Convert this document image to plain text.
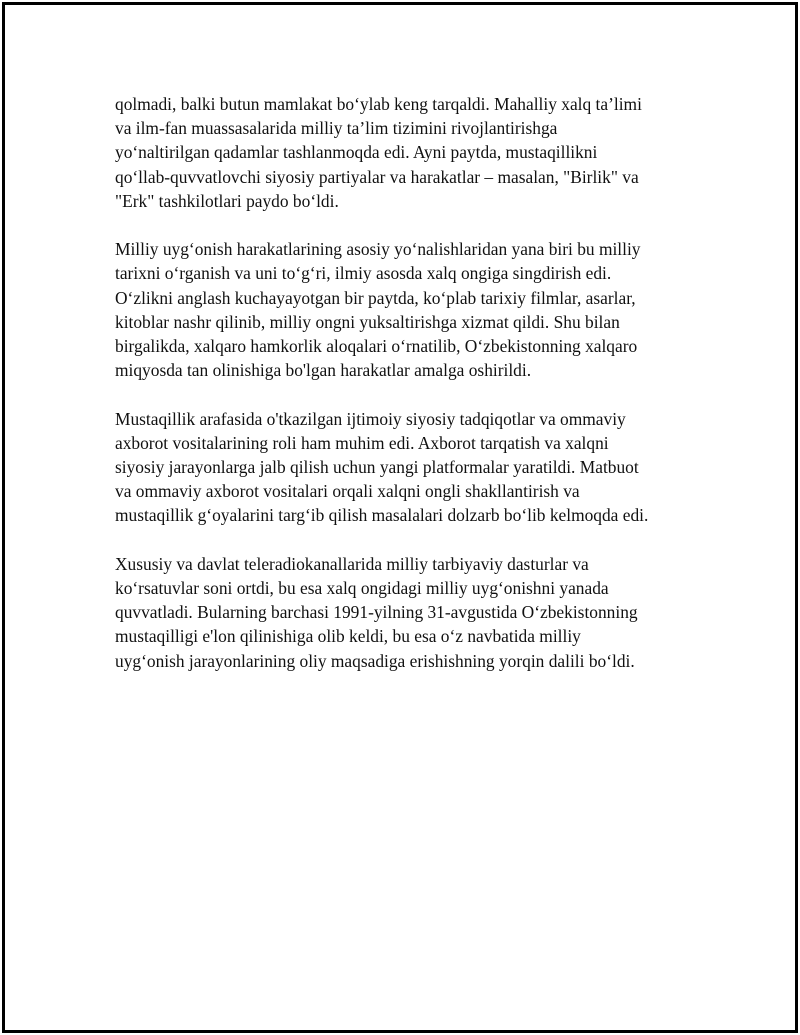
qolmadi, balki butun mamlakat bo‘ylab keng tarqaldi. Mahalliy xalq ta’limi
va ilm-fan muassasalarida milliy ta’lim tizimini rivojlantirishga
yo‘naltirilgan qadamlar tashlanmoqda edi. Ayni paytda, mustaqillikni
qo‘llab-quvvatlovchi siyosiy partiyalar va harakatlar – masalan, "Birlik" va
"Erk" tashkilotlari paydo bo‘ldi.

Milliy uyg‘onish harakatlarining asosiy yo‘nalishlaridan yana biri bu milliy
tarixni o‘rganish va uni to‘g‘ri, ilmiy asosda xalq ongiga singdirish edi.
O‘zlikni anglash kuchayayotgan bir paytda, ko‘plab tarixiy filmlar, asarlar,
kitoblar nashr qilinib, milliy ongni yuksaltirishga xizmat qildi. Shu bilan
birgalikda, xalqaro hamkorlik aloqalari o‘rnatilib, O‘zbekistonning xalqaro
miqyosda tan olinishiga bo'lgan harakatlar amalga oshirildi.

Mustaqillik arafasida o'tkazilgan ijtimoiy siyosiy tadqiqotlar va ommaviy
axborot vositalarining roli ham muhim edi. Axborot tarqatish va xalqni
siyosiy jarayonlarga jalb qilish uchun yangi platformalar yaratildi. Matbuot
va ommaviy axborot vositalari orqali xalqni ongli shakllantirish va
mustaqillik g‘oyalarini targ‘ib qilish masalalari dolzarb bo‘lib kelmoqda edi.

Xususiy va davlat teleradiokanallarida milliy tarbiyaviy dasturlar va
ko‘rsatuvlar soni ortdi, bu esa xalq ongidagi milliy uyg‘onishni yanada
quvvatladi. Bularning barchasi 1991-yilning 31-avgustida O‘zbekistonning
mustaqilligi e'lon qilinishiga olib keldi, bu esa o‘z navbatida milliy
uyg‘onish jarayonlarining oliy maqsadiga erishishning yorqin dalili bo‘ldi.
